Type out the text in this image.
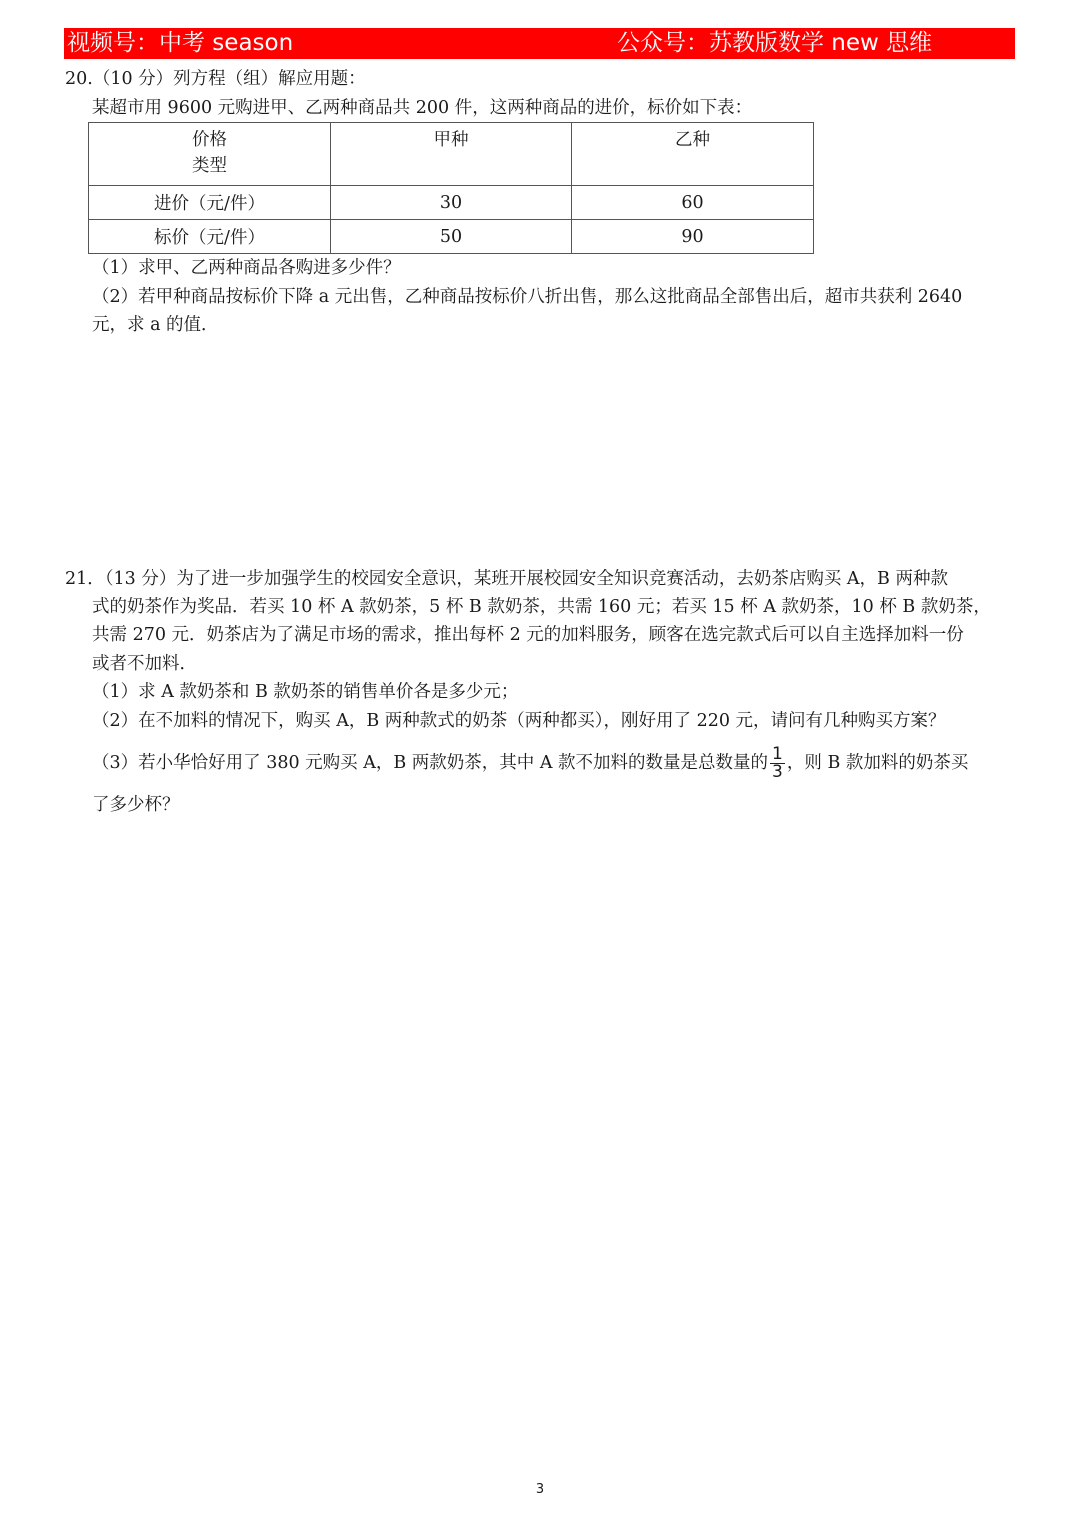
视频号：中考 season	公众号：苏教版数学 new 思维
20.（10 分）列方程（组）解应用题：
某超市用 9600 元购进甲、乙两种商品共 200 件，这两种商品的进价，标价如下表：
价格
类型	甲种	乙种

进价（元/件）	30	60
标价（元/件）	50	90
（1）求甲、乙两种商品各购进多少件？
（2）若甲种商品按标价下降 a 元出售，乙种商品按标价八折出售，那么这批商品全部售出后，超市共获利 2640
元，求 a 的值．
21．（13 分）为了进一步加强学生的校园安全意识，某班开展校园安全知识竞赛活动，去奶茶店购买 A，B 两种款
式的奶茶作为奖品．若买 10 杯 A 款奶茶，5 杯 B 款奶茶，共需 160 元；若买 15 杯 A 款奶茶，10 杯 B 款奶茶，
共需 270 元．奶茶店为了满足市场的需求，推出每杯 2 元的加料服务，顾客在选完款式后可以自主选择加料一份
或者不加料．
（1）求 A 款奶茶和 B 款奶茶的销售单价各是多少元；
（2）在不加料的情况下，购买 A，B 两种款式的奶茶（两种都买），刚好用了 220 元，请问有几种购买方案？
（3）若小华恰好用了 380 元购买 A，B 两款奶茶，其中 A 款不加料的数量是总数量的 $\frac{1}{3}$ ，则 B 款加料的奶茶买
了多少杯？
3
